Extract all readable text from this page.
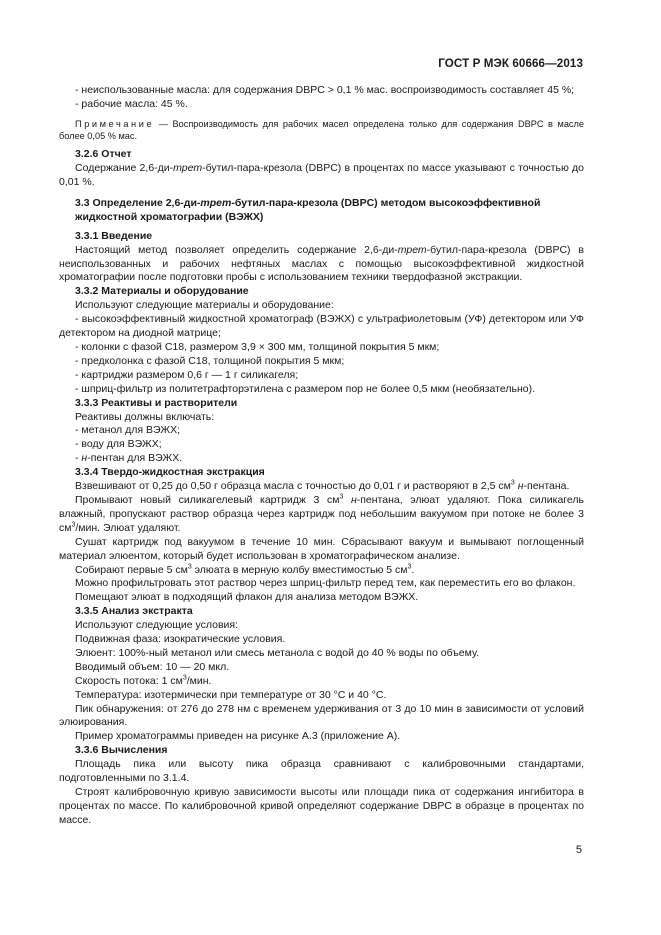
ГОСТ Р МЭК 60666—2013

- неиспользованные масла: для содержания DBPC > 0,1 % мас. воспроизводимость составляет 45 %;

- рабочие масла: 45 %.

Примечание — Воспроизводимость для рабочих масел определена только для содержания DBPC в масле более 0,05 % мас.

3.2.6 Отчет

Содержание 2,6-ди-трет-бутил-пара-крезола (DBPC) в процентах по массе указывают с точностью до 0,01 %.

3.3 Определение 2,6-ди-трет-бутил-пара-крезола (DBPC) методом высокоэффективной жидкостной хроматографии (ВЭЖХ)

3.3.1 Введение

Настоящий метод позволяет определить содержание 2,6-ди-трет-бутил-пара-крезола (DBPC) в неиспользованных и рабочих нефтяных маслах с помощью высокоэффективной жидкостной хроматографии после подготовки пробы с использованием техники твердофазной экстракции.

3.3.2 Материалы и оборудование

Используют следующие материалы и оборудование:

- высокоэффективный жидкостной хроматограф (ВЭЖХ) с ультрафиолетовым (УФ) детектором или УФ детектором на диодной матрице;

- колонки с фазой С18, размером 3,9 × 300 мм, толщиной покрытия 5 мкм;

- предколонка с фазой С18, толщиной покрытия 5 мкм;

- картриджи размером 0,6 г — 1 г силикагеля;

- шприц-фильтр из политетрафторэтилена с размером пор не более 0,5 мкм (необязательно).

3.3.3 Реактивы и растворители

Реактивы должны включать:

- метанол для ВЭЖХ;

- воду для ВЭЖХ;

- н-пентан для ВЭЖХ.

3.3.4 Твердо-жидкостная экстракция

Взвешивают от 0,25 до 0,50 г образца масла с точностью до 0,01 г и растворяют в 2,5 $см^3$ н-пентана.

Промывают новый силикагелевый картридж 3 $см^3$ н-пентана, элюат удаляют. Пока силикагель влажный, пропускают раствор образца через картридж под небольшим вакуумом при потоке не более 3 $см^3$/мин. Элюат удаляют.

Сушат картридж под вакуумом в течение 10 мин. Сбрасывают вакуум и вымывают поглощенный материал элюентом, который будет использован в хроматографическом анализе.

Собирают первые 5 $см^3$ элюата в мерную колбу вместимостью 5 $см^3$.

Можно профильтровать этот раствор через шприц-фильтр перед тем, как переместить его во флакон.

Помещают элюат в подходящий флакон для анализа методом ВЭЖХ.

3.3.5 Анализ экстракта

Используют следующие условия:

Подвижная фаза: изократические условия.

Элюент: 100%-ный метанол или смесь метанола с водой до 40 % воды по объему.

Вводимый объем: 10 — 20 мкл.

Скорость потока: 1 $см^3$/мин.

Температура: изотермически при температуре от 30 °С и 40 °С.

Пик обнаружения: от 276 до 278 нм с временем удерживания от 3 до 10 мин в зависимости от условий элюирования.

Пример хроматограммы приведен на рисунке А.3 (приложение А).

3.3.6 Вычисления

Площадь пика или высоту пика образца сравнивают с калибровочными стандартами, подготовленными по 3.1.4.

Строят калибровочную кривую зависимости высоты или площади пика от содержания ингибитора в процентах по массе. По калибровочной кривой определяют содержание DBPC в образце в процентах по массе.

5
